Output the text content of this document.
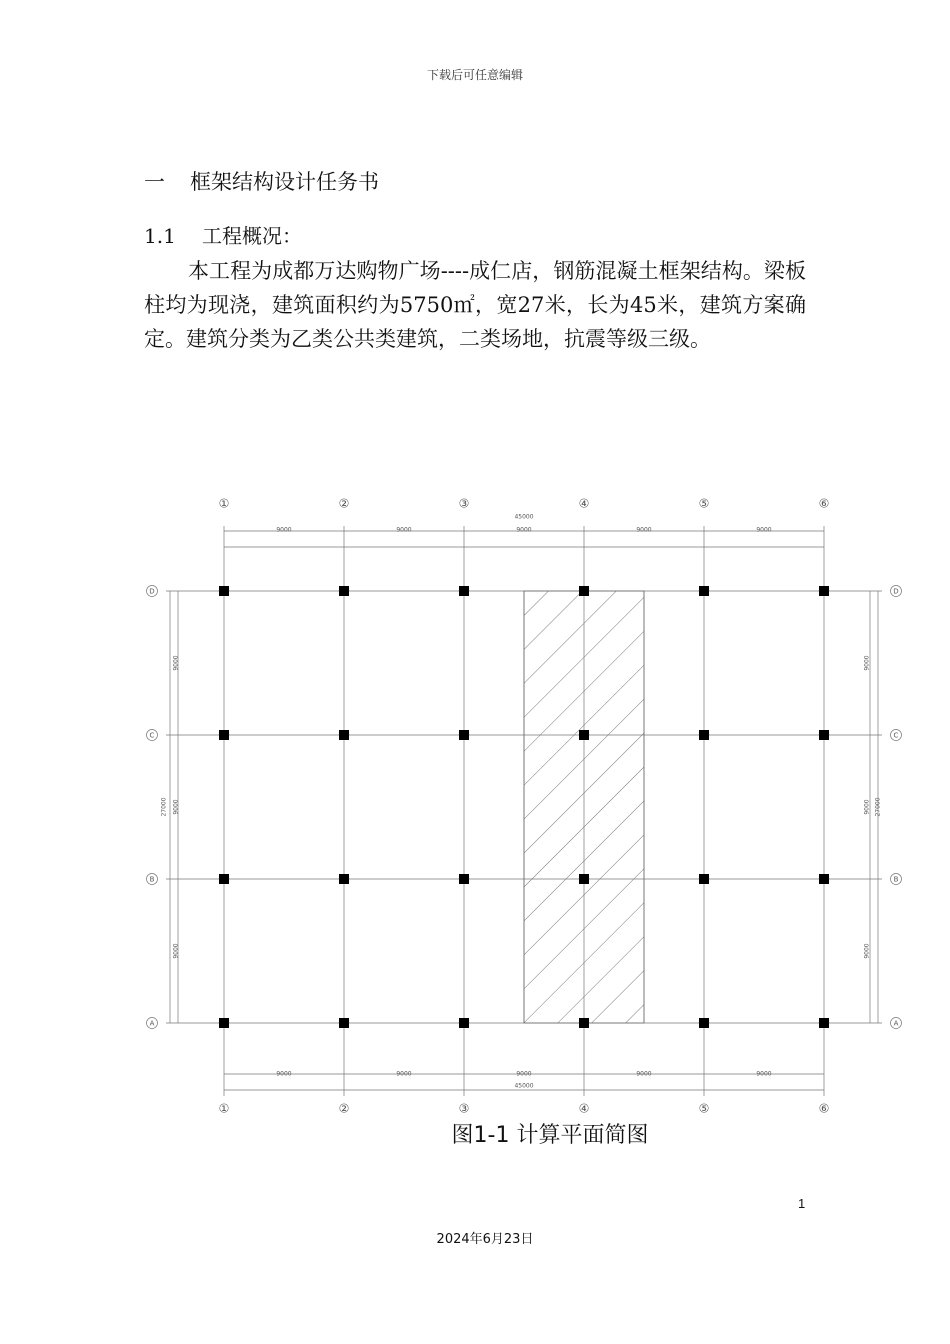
下载后可任意编辑
一 框架结构设计任务书
1.1 工程概况：
本工程为成都万达购物广场----成仁店，钢筋混凝土框架结构。梁板柱均为现浇，建筑面积约为5750㎡，宽27米，长为45米，建筑方案确定。建筑分类为乙类公共类建筑，二类场地，抗震等级三级。
45000
45000
9000
9000
9000
9000
9000
9000
9000
9000
9000
9000
27000	27000
9000	9000
9000	9000
9000	9000
①
①
②
②
③
③
④
④
⑤
⑤
⑥
⑥
D	D
C	C
B	B
A	A
图1-1 计算平面简图
1
2024年6月23日
